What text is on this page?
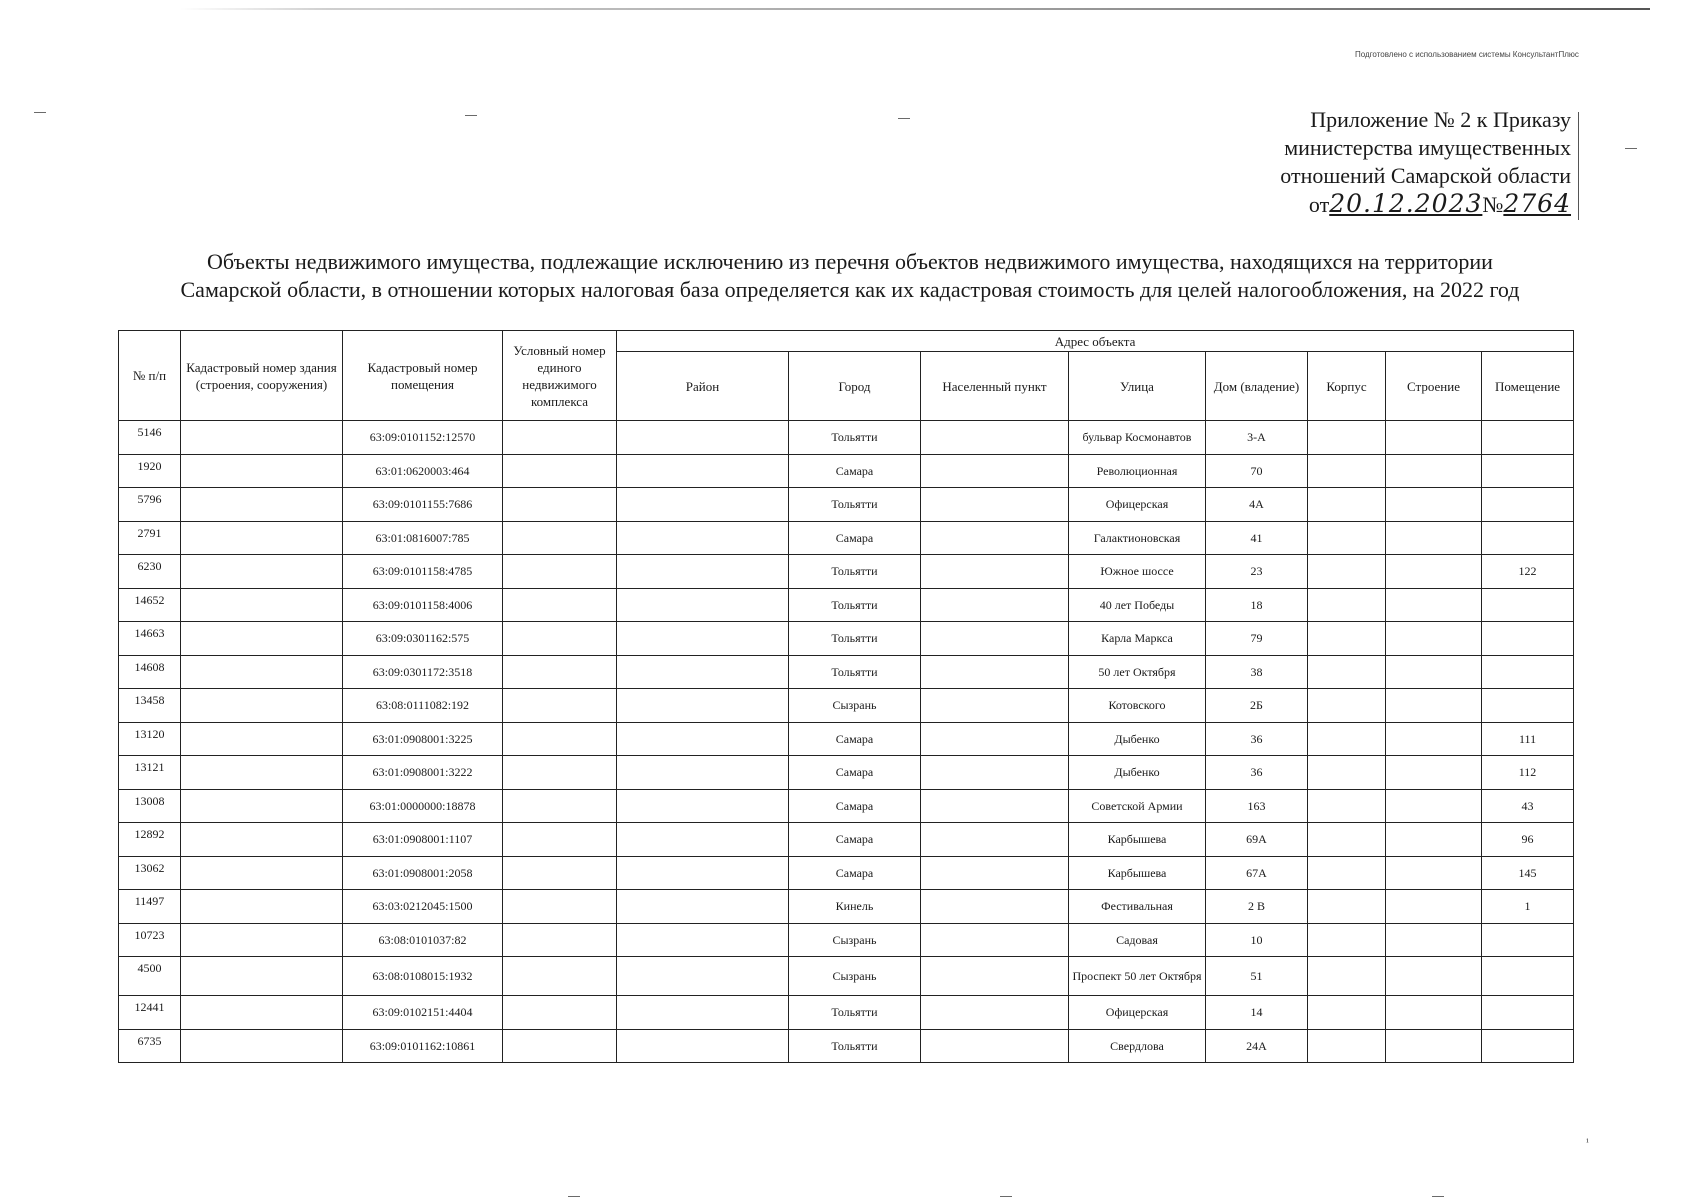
Подготовлено с использованием системы КонсультантПлюс
Приложение № 2 к Приказу
министерства имущественных
отношений Самарской области
от20.12.2023№2764
Объекты недвижимого имущества, подлежащие исключению из перечня объектов недвижимого имущества, находящихся на территории Самарской области, в отношении которых налоговая база определяется как их кадастровая стоимость для целей налогообложения, на 2022 год
№ п/п	Кадастровый номер здания (строения, сооружения)	Кадастровый номер помещения	Условный номер единого недвижимого комплекса	Адрес объекта							
				Район	Город	Населенный пункт	Улица	Дом (владение)	Корпус	Строение	Помещение
5146		63:09:0101152:12570			Тольятти		бульвар Космонавтов	3-А			
1920		63:01:0620003:464			Самара		Революционная	70			
5796		63:09:0101155:7686			Тольятти		Офицерская	4А			
2791		63:01:0816007:785			Самара		Галактионовская	41			
6230		63:09:0101158:4785			Тольятти		Южное шоссе	23			122
14652		63:09:0101158:4006			Тольятти		40 лет Победы	18			
14663		63:09:0301162:575			Тольятти		Карла Маркса	79			
14608		63:09:0301172:3518			Тольятти		50 лет Октября	38			
13458		63:08:0111082:192			Сызрань		Котовского	2Б			
13120		63:01:0908001:3225			Самара		Дыбенко	36			111
13121		63:01:0908001:3222			Самара		Дыбенко	36			112
13008		63:01:0000000:18878			Самара		Советской Армии	163			43
12892		63:01:0908001:1107			Самара		Карбышева	69А			96
13062		63:01:0908001:2058			Самара		Карбышева	67А			145
11497		63:03:0212045:1500			Кинель		Фестивальная	2 В			1
10723		63:08:0101037:82			Сызрань		Садовая	10			
4500		63:08:0108015:1932			Сызрань		Проспект 50 лет Октября	51			
12441		63:09:0102151:4404			Тольятти		Офицерская	14			
6735		63:09:0101162:10861			Тольятти		Свердлова	24А			
¹
